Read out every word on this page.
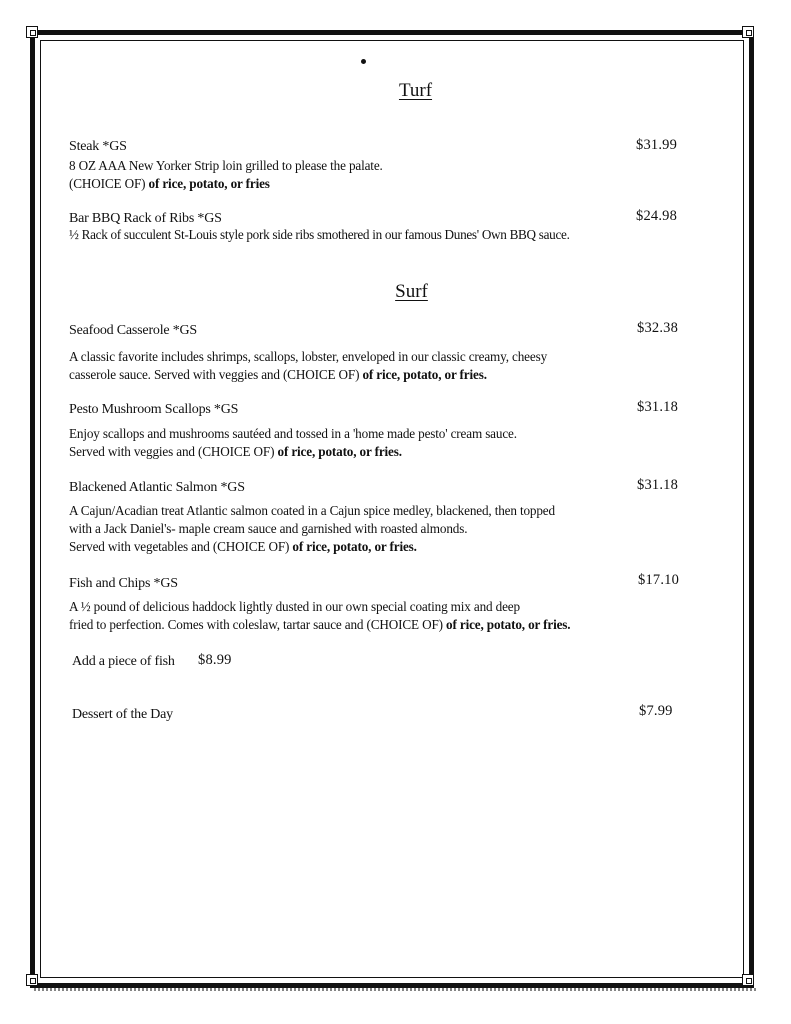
Turf
Steak *GS	$31.99
8 OZ AAA New Yorker Strip loin grilled to please the palate.
(CHOICE OF) of rice, potato, or fries
Bar BBQ Rack of Ribs *GS	$24.98
½ Rack of succulent St-Louis style pork side ribs smothered in our famous Dunes' Own BBQ sauce.
Surf
Seafood Casserole *GS	$32.38
A classic favorite includes shrimps, scallops, lobster, enveloped in our classic creamy, cheesy
casserole sauce. Served with veggies and (CHOICE OF) of rice, potato, or fries.
Pesto Mushroom Scallops *GS	$31.18
Enjoy scallops and mushrooms sautéed and tossed in a 'home made pesto' cream sauce.
Served with veggies and (CHOICE OF) of rice, potato, or fries.
Blackened Atlantic Salmon *GS	$31.18
A Cajun/Acadian treat Atlantic salmon coated in a Cajun spice medley, blackened, then topped
with a Jack Daniel's- maple cream sauce and garnished with roasted almonds.
Served with vegetables and (CHOICE OF) of rice, potato, or fries.
Fish and Chips *GS	$17.10
A ½ pound of delicious haddock lightly dusted in our own special coating mix and deep
fried to perfection. Comes with coleslaw, tartar sauce and (CHOICE OF) of rice, potato, or fries.
Add a piece of fish $8.99
Dessert of the Day	$7.99
